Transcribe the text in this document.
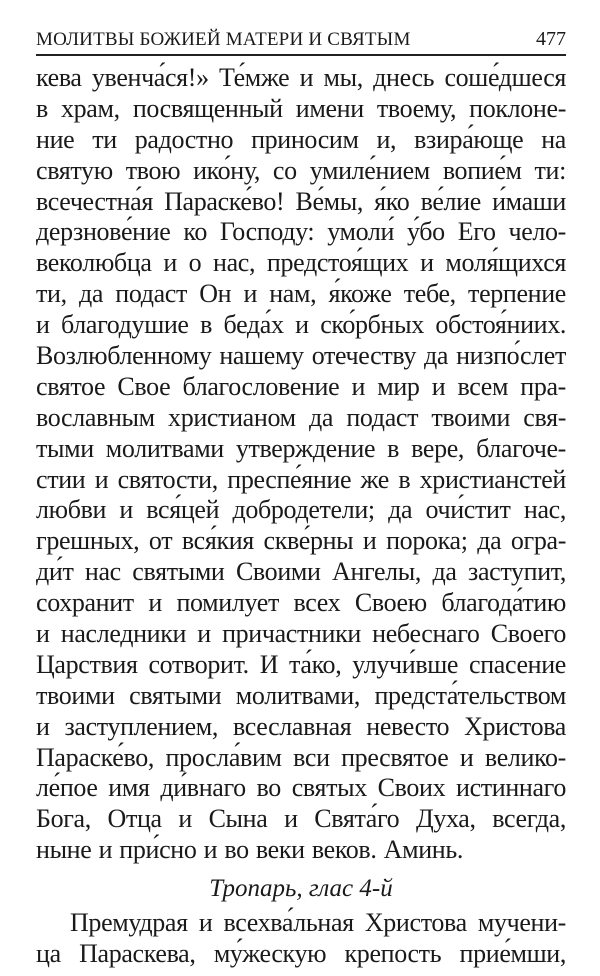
МОЛИТВЫ БОЖИЕЙ МАТЕРИ И СВЯТЫМ	477
кева увенча́ся!» Те́мже и мы, днесь соше́дшеся
в храм, посвященный имени твоему, поклоне-
ние ти радостно приносим и, взира́юще на
святую твою ико́ну, со умиле́нием вопие́м ти:
всечестна́я Параске́во! Ве́мы, я́ко ве́лие и́маши
дерзнове́ние ко Господу: умоли́ у́бо Его чело-
веколюбца и о нас, предстоя́щих и моля́щихся
ти, да подаст Он и нам, я́коже тебе, терпение
и благодушие в беда́х и ско́рбных обстоя́ниих.
Возлюбленному нашему отечеству да низпо́слет
святое Свое благословение и мир и всем пра-
вославным христианом да подаст твоими свя-
тыми молитвами утверждение в вере, благоче-
стии и святости, преспе́яние же в христианстей
любви и вся́цей добродетели; да очи́стит нас,
грешных, от вся́кия скве́рны и порока; да огра-
ди́т нас святыми Своими Ангелы, да заступит,
сохранит и помилует всех Своею благода́тию
и наследники и причастники небеснаго Своего
Царствия сотворит. И та́ко, улучи́вше спасение
твоими святыми молитвами, предста́тельством
и заступлением, всеславная невесто Христова
Параске́во, просла́вим вси пресвятое и велико-
ле́пое имя ди́внаго во святых Своих истиннаго
Бога, Отца и Сына и Свята́го Духа, всегда,
ныне и при́сно и во веки веков. Аминь.
Тропарь, глас 4-й
Премудрая и всехва́льная Христова мучени-
ца Параскева, му́жескую крепость прие́мши,
